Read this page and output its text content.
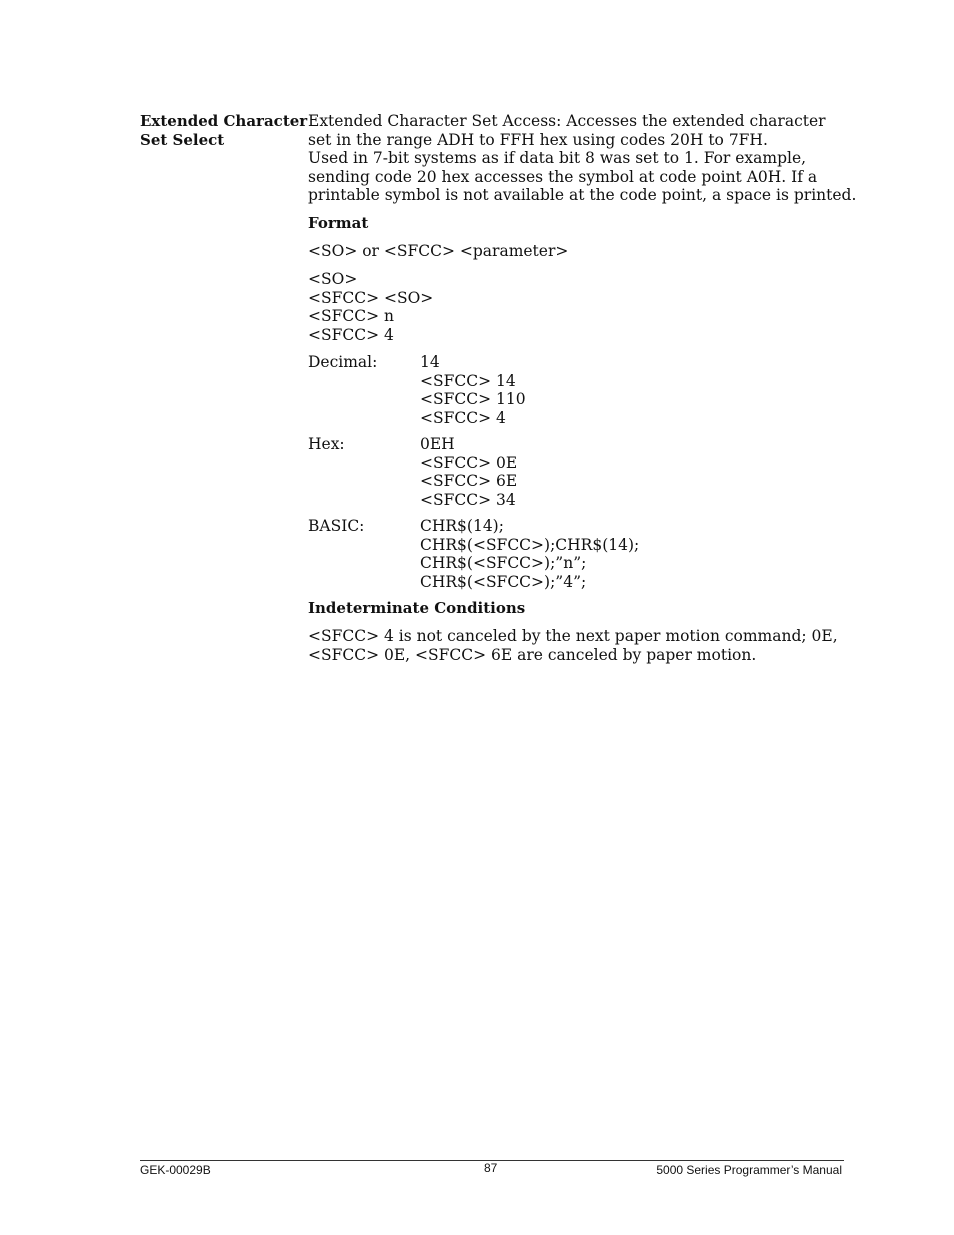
Extended Character
Set Select
Extended Character Set Access: Accesses the extended character
set in the range ADH to FFH hex using codes 20H to 7FH.
Used in 7-bit systems as if data bit 8 was set to 1. For example,
sending code 20 hex accesses the symbol at code point A0H. If a
printable symbol is not available at the code point, a space is printed.
Format
<SO> or <SFCC> <parameter>
<SO>
<SFCC> <SO>
<SFCC> n
<SFCC> 4
Decimal:	14
<SFCC> 14
<SFCC> 110
<SFCC> 4
Hex:	0EH
<SFCC> 0E
<SFCC> 6E
<SFCC> 34
BASIC:	CHR$(14);
CHR$(<SFCC>);CHR$(14);
CHR$(<SFCC>);”n”;
CHR$(<SFCC>);”4”;
Indeterminate Conditions
<SFCC> 4 is not canceled by the next paper motion command; 0E,
<SFCC> 0E, <SFCC> 6E are canceled by paper motion.
GEK-00029B	87	5000 Series Programmer’s Manual
